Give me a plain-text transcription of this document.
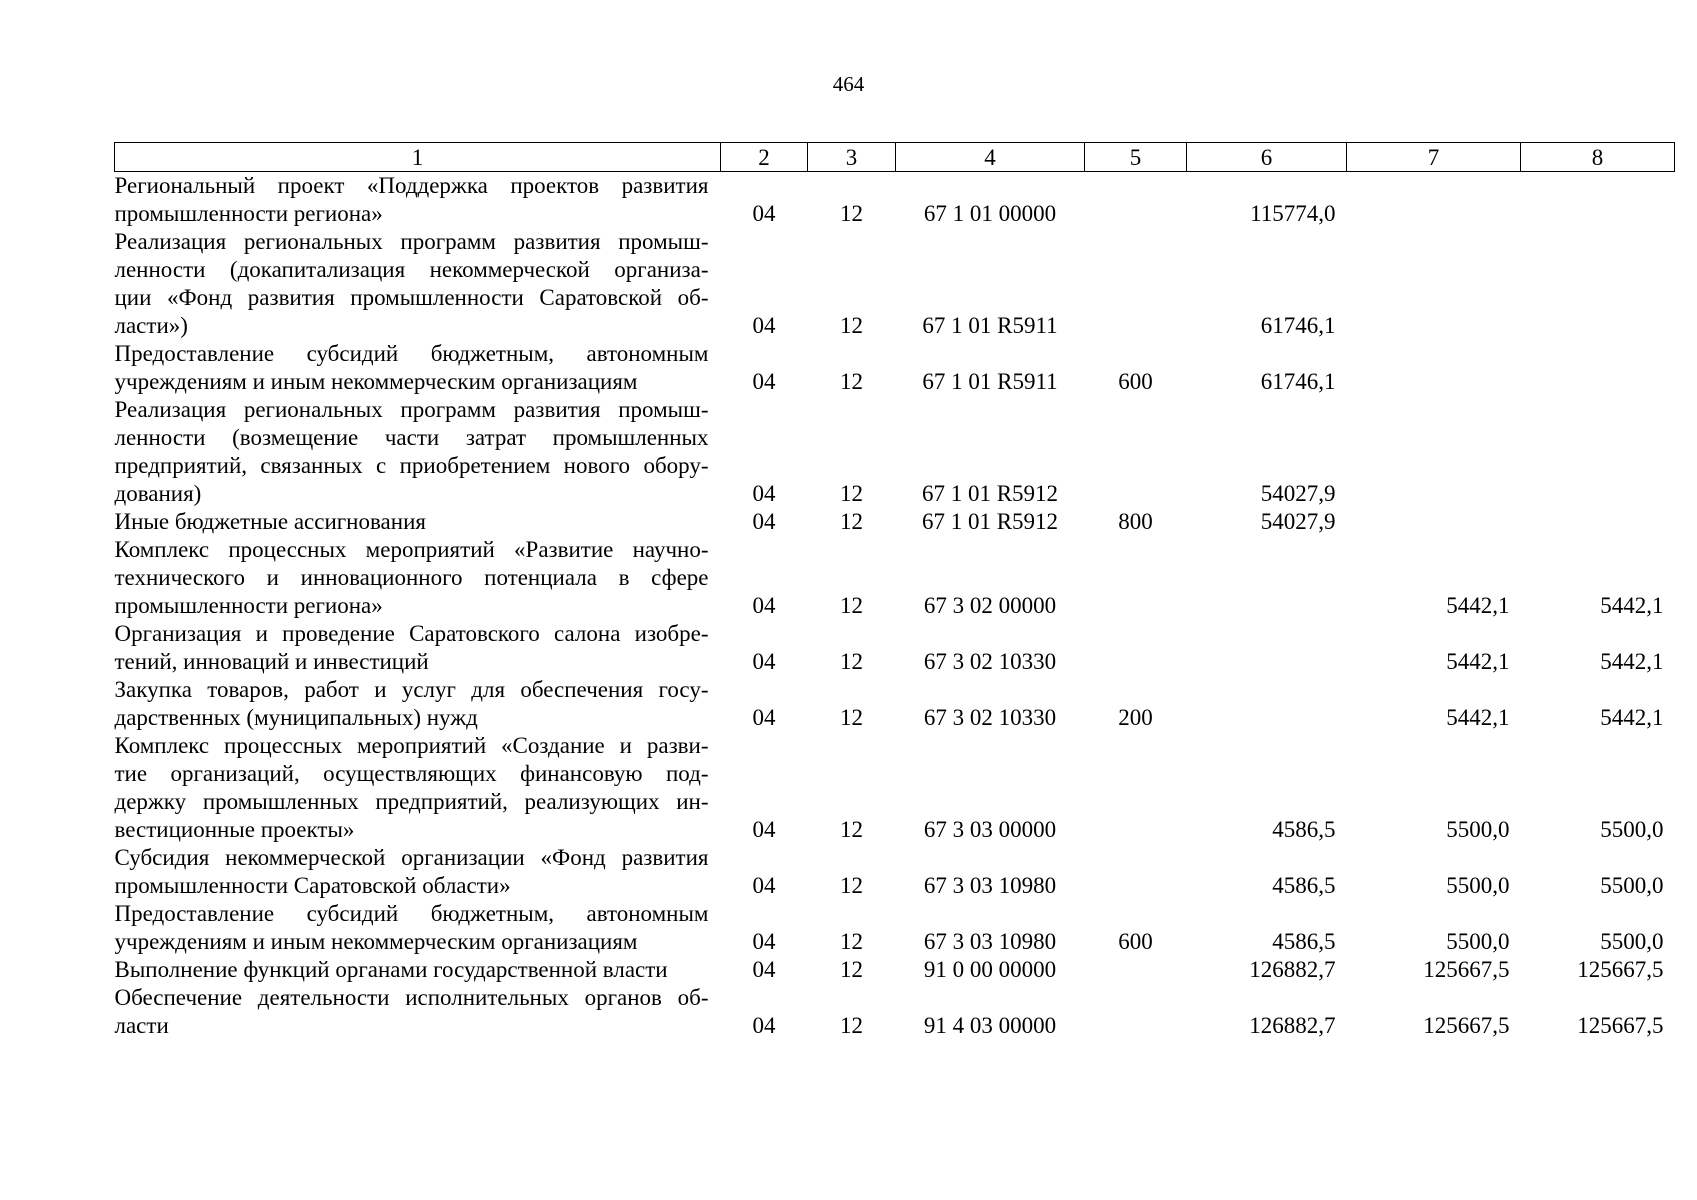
464
1	2	3	4	5	6	7	8

Региональный проект «Поддержка проектов развития
промышленности региона»	04	12	67 1 01 00000		115774,0		

Реализация региональных программ развития промыш-
ленности (докапитализация некоммерческой организа-
ции «Фонд развития промышленности Саратовской об-
ласти»)	04	12	67 1 01 R5911		61746,1		

Предоставление субсидий бюджетным, автономным
учреждениям и иным некоммерческим организациям	04	12	67 1 01 R5911	600	61746,1		

Реализация региональных программ развития промыш-
ленности (возмещение части затрат промышленных
предприятий, связанных с приобретением нового обору-
дования)	04	12	67 1 01 R5912		54027,9		

Иные бюджетные ассигнования	04	12	67 1 01 R5912	800	54027,9		

Комплекс процессных мероприятий «Развитие научно-
технического и инновационного потенциала в сфере
промышленности региона»	04	12	67 3 02 00000			5442,1	5442,1

Организация и проведение Саратовского салона изобре-
тений, инноваций и инвестиций	04	12	67 3 02 10330			5442,1	5442,1

Закупка товаров, работ и услуг для обеспечения госу-
дарственных (муниципальных) нужд	04	12	67 3 02 10330	200		5442,1	5442,1

Комплекс процессных мероприятий «Создание и разви-
тие организаций, осуществляющих финансовую под-
держку промышленных предприятий, реализующих ин-
вестиционные проекты»	04	12	67 3 03 00000		4586,5	5500,0	5500,0

Субсидия некоммерческой организации «Фонд развития
промышленности Саратовской области»	04	12	67 3 03 10980		4586,5	5500,0	5500,0

Предоставление субсидий бюджетным, автономным
учреждениям и иным некоммерческим организациям	04	12	67 3 03 10980	600	4586,5	5500,0	5500,0

Выполнение функций органами государственной власти	04	12	91 0 00 00000		126882,7	125667,5	125667,5

Обеспечение деятельности исполнительных органов об-
ласти	04	12	91 4 03 00000		126882,7	125667,5	125667,5
